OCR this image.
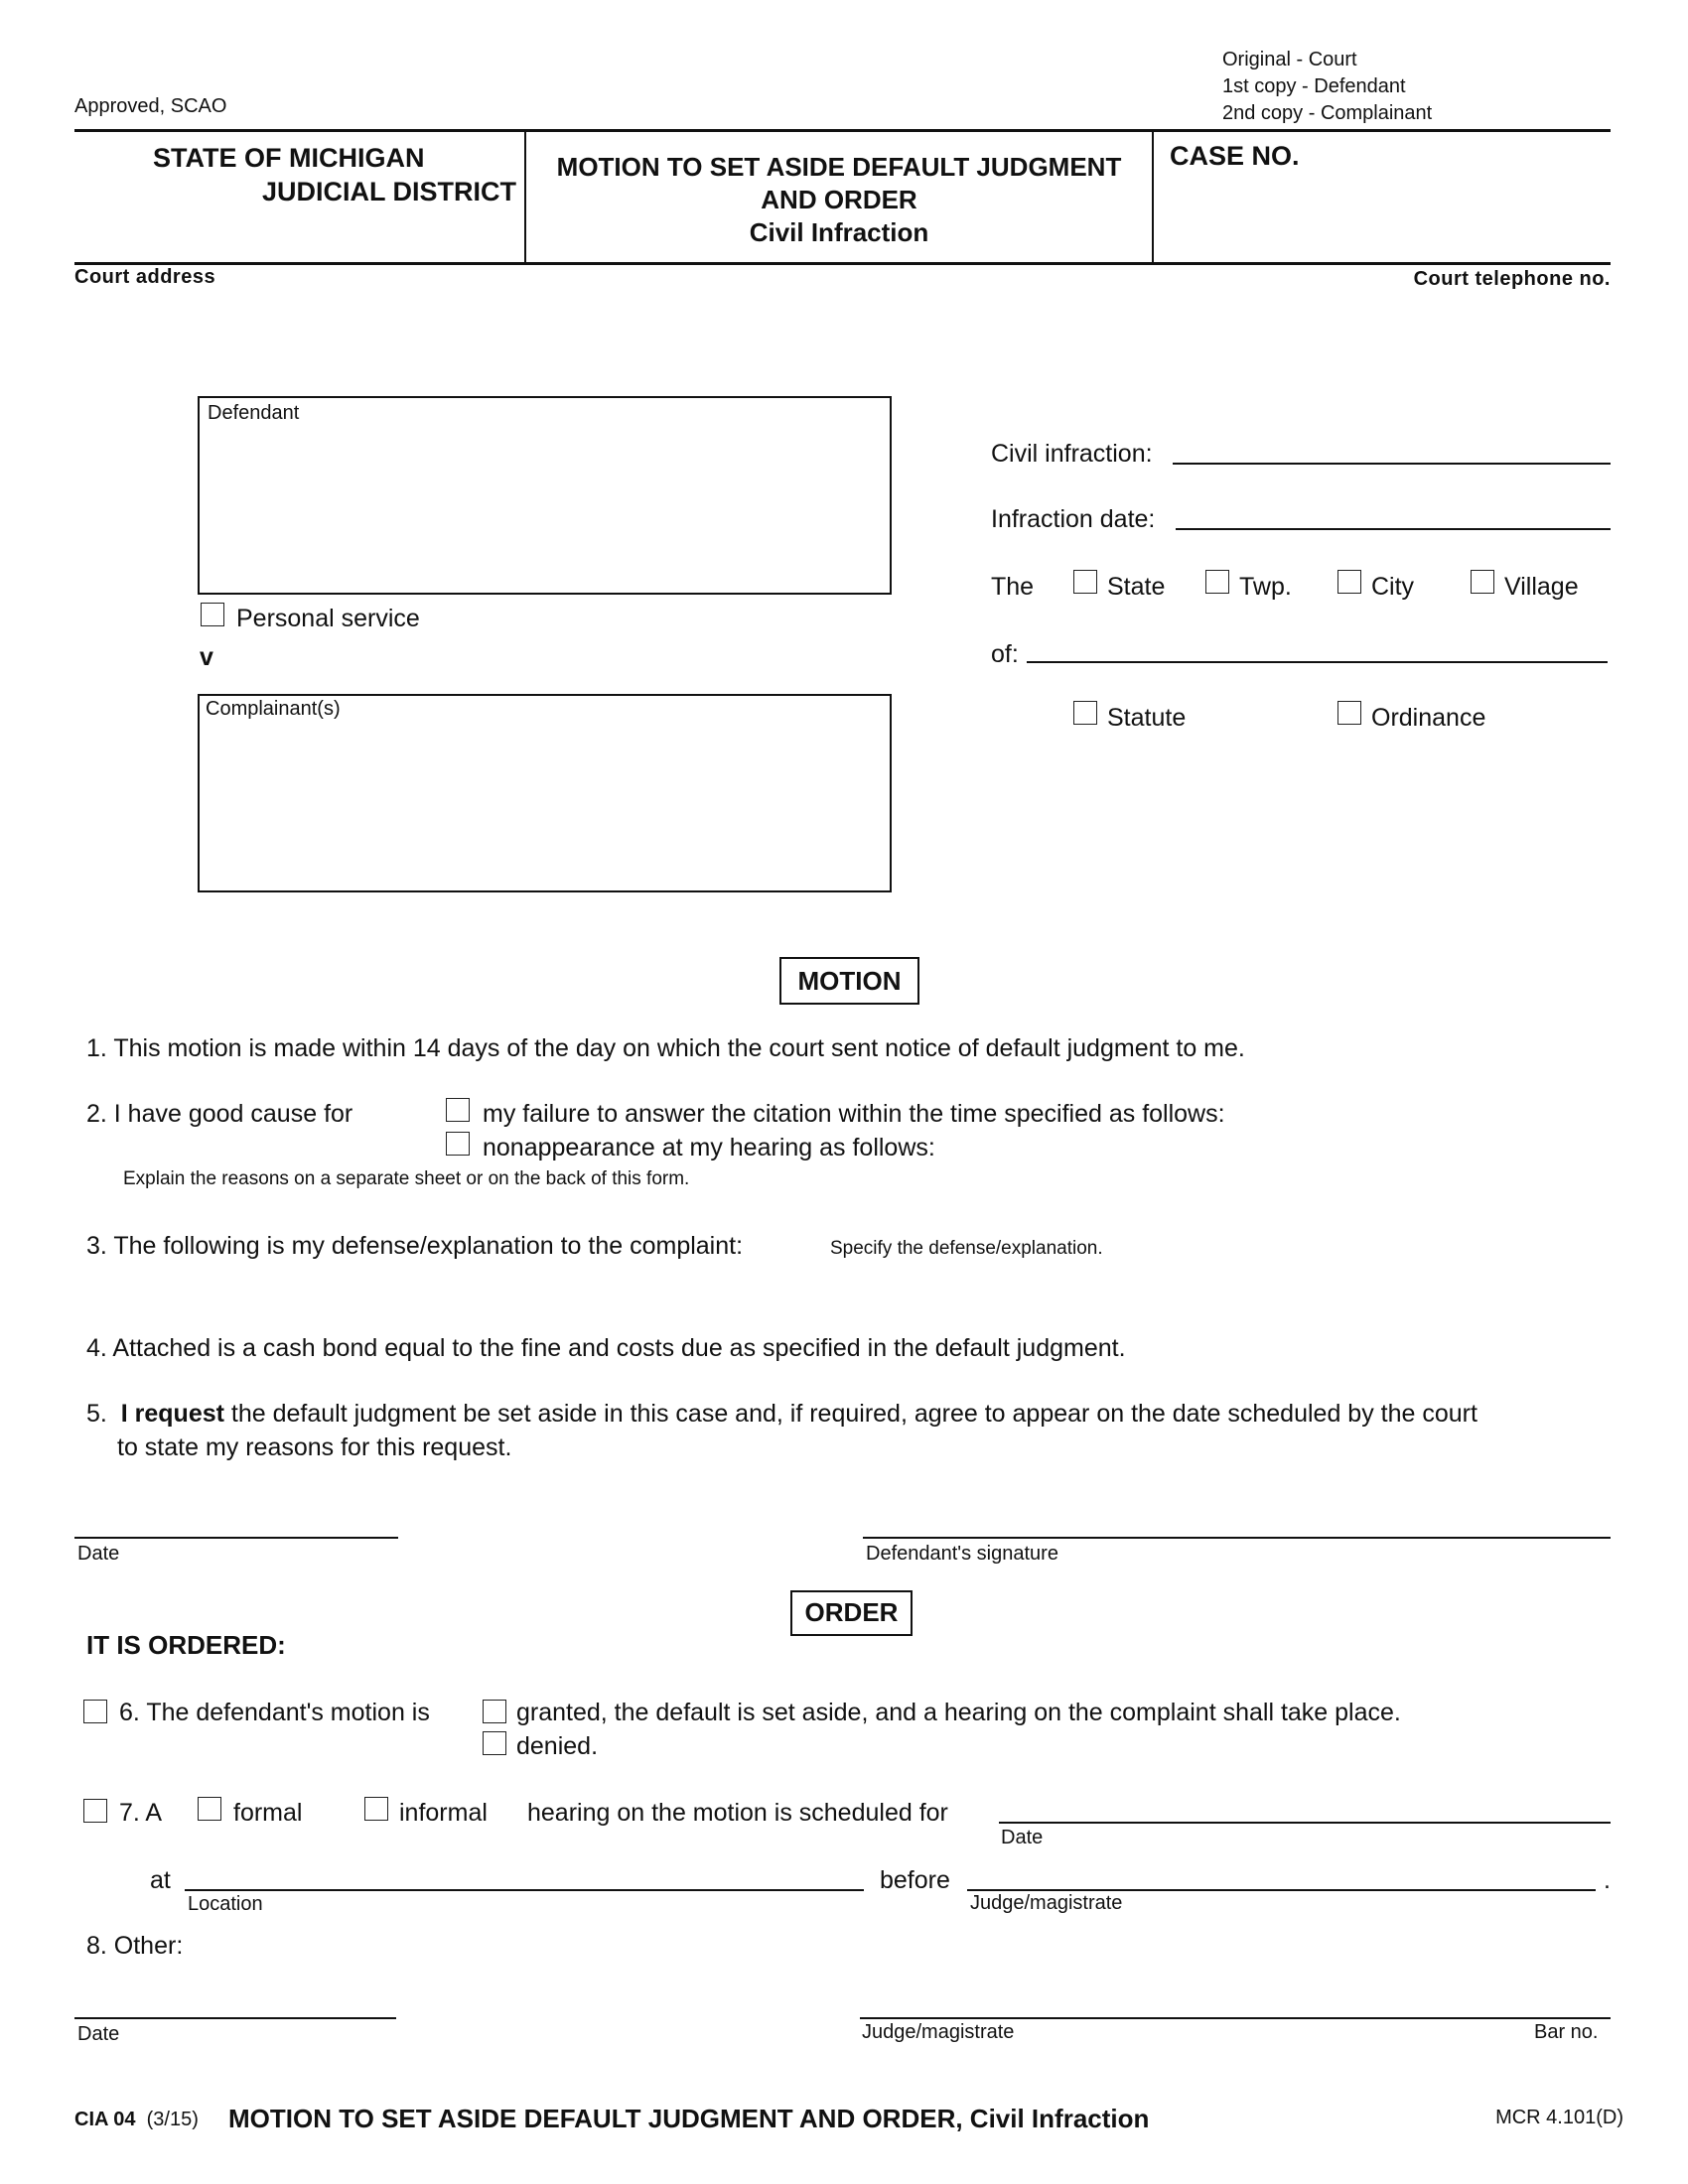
Approved, SCAO
Original - Court
1st copy - Defendant
2nd copy - Complainant
STATE OF MICHIGAN
JUDICIAL DISTRICT
MOTION TO SET ASIDE DEFAULT JUDGMENT
AND ORDER
Civil Infraction
CASE NO.
Court address	Court telephone no.
Defendant
Personal service
v
Complainant(s)
Civil infraction:
Infraction date:
The	State	Twp.	City	Village
of:
Statute	Ordinance
MOTION
1. This motion is made within 14 days of the day on which the court sent notice of default judgment to me.
2. I have good cause for	my failure to answer the citation within the time specified as follows:
nonappearance at my hearing as follows:
Explain the reasons on a separate sheet or on the back of this form.
3. The following is my defense/explanation to the complaint:	Specify the defense/explanation.
4. Attached is a cash bond equal to the fine and costs due as specified in the default judgment.
5. I request the default judgment be set aside in this case and, if required, agree to appear on the date scheduled by the court
to state my reasons for this request.
Date	Defendant's signature
ORDER
IT IS ORDERED:
6. The defendant's motion is	granted, the default is set aside, and a hearing on the complaint shall take place.
denied.
7. A	formal	informal hearing on the motion is scheduled for
Date
at
Location
before	.
Judge/magistrate
8. Other:
Date	Judge/magistrate	Bar no.
CIA 04 (3/15) MOTION TO SET ASIDE DEFAULT JUDGMENT AND ORDER, Civil Infraction	MCR 4.101(D)
